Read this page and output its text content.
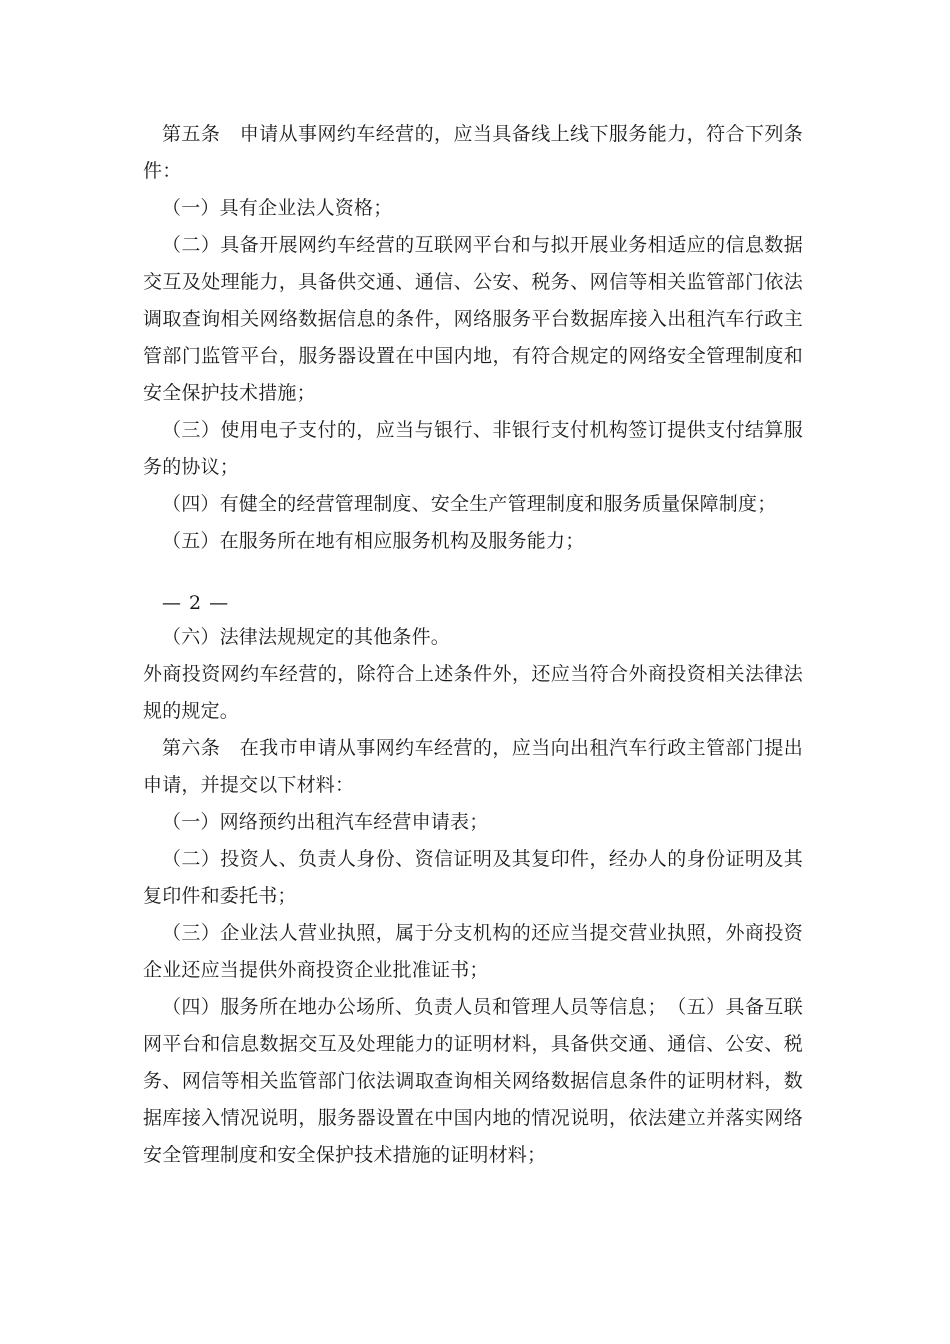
第五条　申请从事网约车经营的，应当具备线上线下服务能力，符合下列条件：

（一）具有企业法人资格；

（二）具备开展网约车经营的互联网平台和与拟开展业务相适应的信息数据交互及处理能力，具备供交通、通信、公安、税务、网信等相关监管部门依法调取查询相关网络数据信息的条件，网络服务平台数据库接入出租汽车行政主管部门监管平台，服务器设置在中国内地，有符合规定的网络安全管理制度和安全保护技术措施；

（三）使用电子支付的，应当与银行、非银行支付机构签订提供支付结算服务的协议；

（四）有健全的经营管理制度、安全生产管理制度和服务质量保障制度；

（五）在服务所在地有相应服务机构及服务能力；

— 2 —

（六）法律法规规定的其他条件。

外商投资网约车经营的，除符合上述条件外，还应当符合外商投资相关法律法规的规定。

第六条　在我市申请从事网约车经营的，应当向出租汽车行政主管部门提出申请，并提交以下材料：

（一）网络预约出租汽车经营申请表；

（二）投资人、负责人身份、资信证明及其复印件，经办人的身份证明及其复印件和委托书；

（三）企业法人营业执照，属于分支机构的还应当提交营业执照，外商投资企业还应当提供外商投资企业批准证书；

（四）服务所在地办公场所、负责人员和管理人员等信息；　（五）具备互联网平台和信息数据交互及处理能力的证明材料，具备供交通、通信、公安、税务、网信等相关监管部门依法调取查询相关网络数据信息条件的证明材料，数据库接入情况说明，服务器设置在中国内地的情况说明，依法建立并落实网络安全管理制度和安全保护技术措施的证明材料；
